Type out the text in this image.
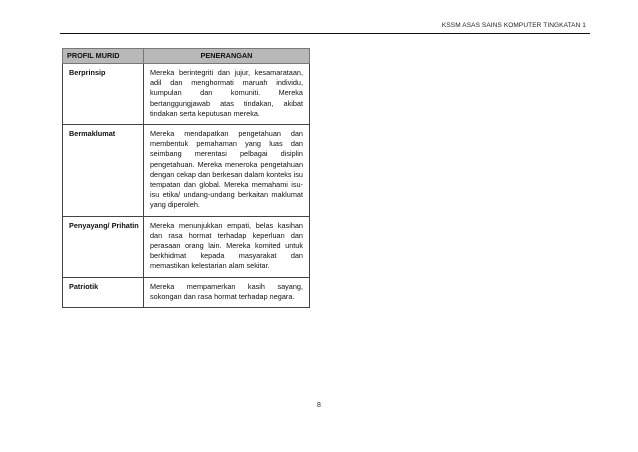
KSSM ASAS SAINS KOMPUTER TINGKATAN 1
PROFIL MURID	PENERANGAN
Berprinsip	Mereka berintegriti dan jujur, kesamarataan, adil dan menghormati maruah individu, kumpulan dan komuniti. Mereka bertanggungjawab atas tindakan, akibat tindakan serta keputusan mereka.
Bermaklumat	Mereka mendapatkan pengetahuan dan membentuk pemahaman yang luas dan seimbang merentasi pelbagai disiplin pengetahuan. Mereka meneroka pengetahuan dengan cekap dan berkesan dalam konteks isu tempatan dan global. Mereka memahami isu-isu etika/ undang-undang berkaitan maklumat yang diperoleh.
Penyayang/ Prihatin	Mereka menunjukkan empati, belas kasihan dan rasa hormat terhadap keperluan dan perasaan orang lain. Mereka komited untuk berkhidmat kepada masyarakat dan memastikan kelestarian alam sekitar.
Patriotik	Mereka mempamerkan kasih sayang, sokongan dan rasa hormat terhadap negara.
8
